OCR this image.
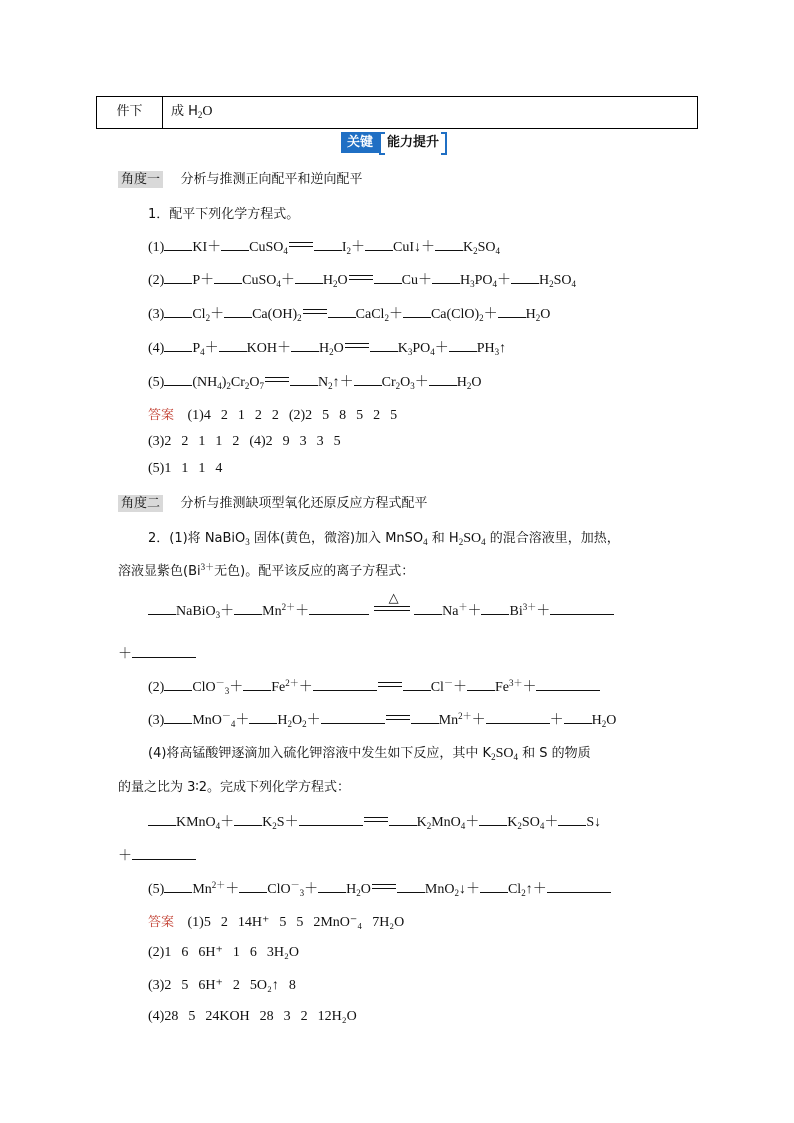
件下	成 $H_2O$
关键 能力提升
角度一 分析与推测正向配平和逆向配平
1．配平下列化学方程式。
(1) KI＋ CuSO$_4$	$I_2+$ CuI↓＋ $K_2SO_4$
(2) P＋ CuSO$_4$＋ $H_2O$	$Cu+ H_3PO_4+ H_2SO_4$
(3) $Cl_2+ Ca(OH)_2$	CaCl$_2$＋ $Ca(ClO)_2+ H_2O$
(4) $P_4+ KOH+ H_2O$	$K_3PO_4+$ $PH_3↑$
(5) $(NH_4)_2Cr_2O_7$	$N_2↑+ Cr_2O_3+ H_2O$
答案 (1)4 2 1 2 2 (2)2 5 8 5 2 5
(3)2 2 1 1 2 (4)2 9 3 3 5
(5)1 1 1 4
角度二 分析与推测缺项型氧化还原反应方程式配平
2．(1)将 NaBiO$_3$ 固体(黄色，微溶)加入 MnSO$_4$ 和 $H_2SO_4$ 的混合溶液里，加热，
溶液显紫色($Bi^{3+}$无色)。配平该反应的离子方程式：
NaBiO$_3$＋ $Mn^{2+}+$
△
$Na^++ Bi^{3+}+$
＋
(2) $ClO^-_3+ Fe^{2+}+$	$Cl^-+ Fe^{3+}+$
(3) $MnO^-_4+ H_2O_2+$	$Mn^{2+}+$	＋ $H_2O$
(4)将高锰酸钾逐滴加入硫化钾溶液中发生如下反应，其中 $K_2SO_4$ 和 S 的物质
的量之比为 3∶2。完成下列化学方程式：
KMnO$_4$＋ $K_2S+$	$K_2MnO_4+ K_2SO_4+$ S↓
＋
(5) $Mn^{2+}+ ClO^-_3+ H_2O$	MnO$_2$↓＋ $Cl_2↑+$
答案 (1)5 2 14H⁺ 5 5 2MnO⁻₄ 7H₂O
(2)1 6 6H⁺ 1 6 3H₂O
(3)2 5 6H⁺ 2 5O₂↑ 8
(4)28 5 24KOH 28 3 2 12H₂O
